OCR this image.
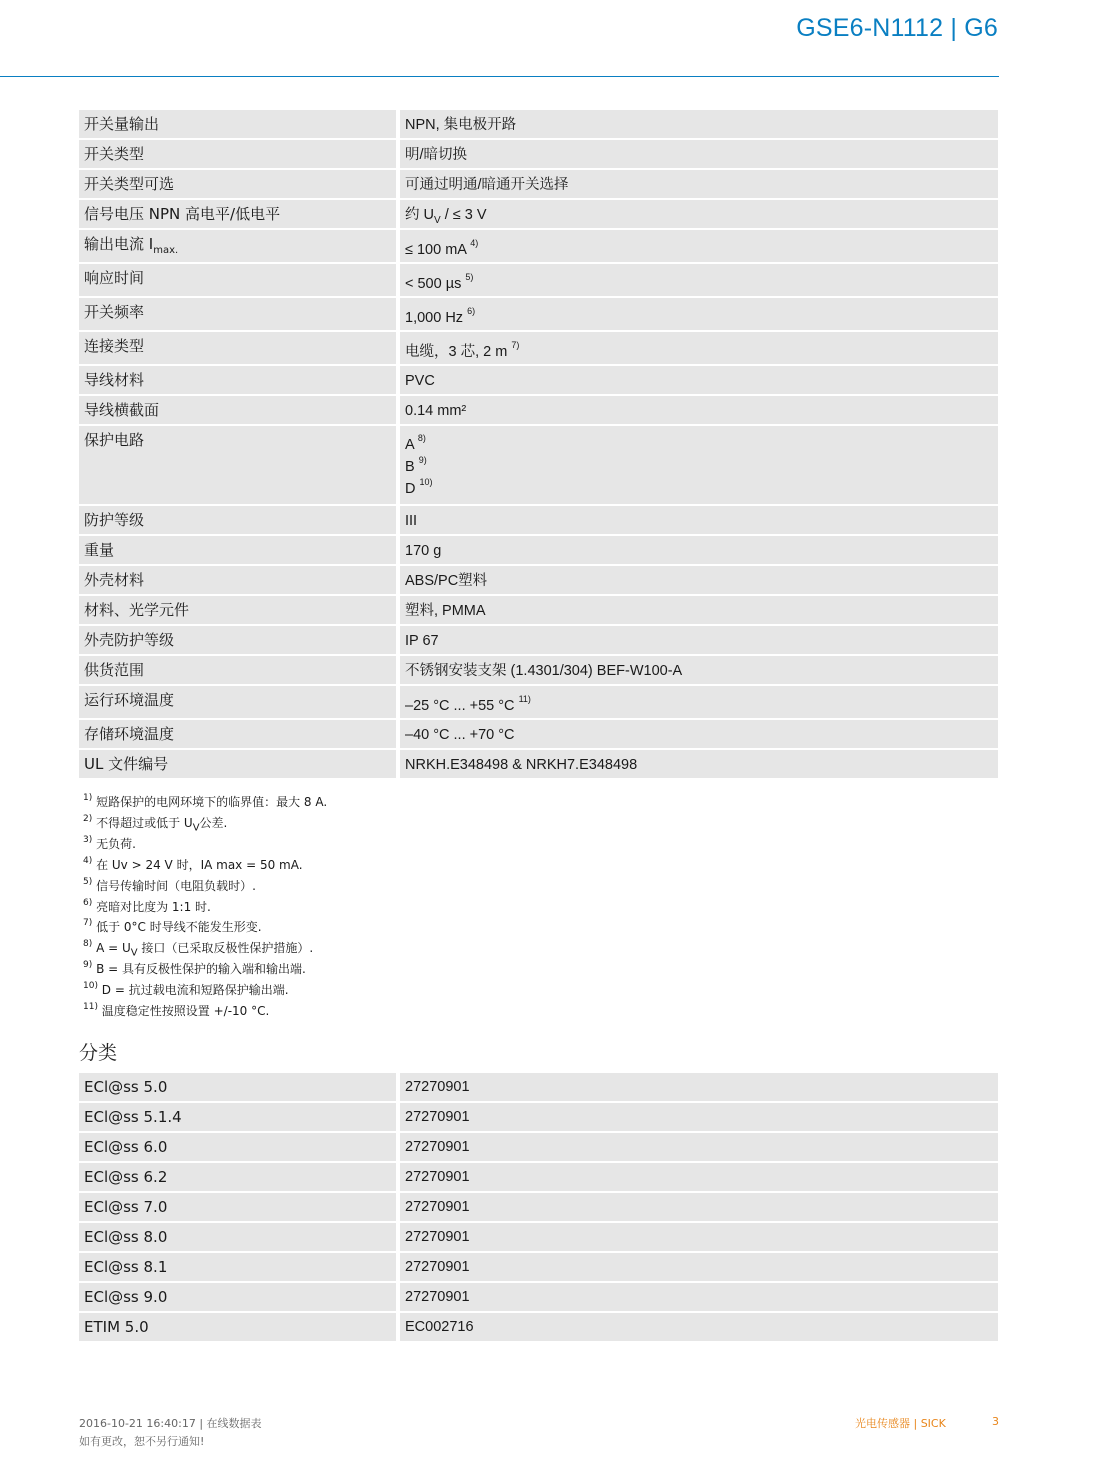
GSE6-N1112 | G6
开关量输出	NPN, 集电极开路
开关类型	明/暗切换
开关类型可选	可通过明通/暗通开关选择
信号电压 NPN 高电平/低电平	约 $U_V$ / ≤ 3 V
输出电流 $I_{max.}$	≤ 100 mA $^{4)}$
响应时间	< 500 µs $^{5)}$
开关频率	1,000 Hz $^{6)}$
连接类型	电缆，3 芯, 2 m $^{7)}$
导线材料	PVC
导线横截面	0.14 mm²
保护电路	A $^{8)}$
B $^{9)}$
D $^{10)}$

防护等级	III
重量	170 g
外壳材料	ABS/PC塑料
材料、光学元件	塑料, PMMA
外壳防护等级	IP 67
供货范围	不锈钢安装支架 (1.4301/304) BEF-W100-A
运行环境温度	–25 °C ... +55 °C $^{11)}$
存储环境温度	–40 °C ... +70 °C
UL 文件编号	NRKH.E348498 & NRKH7.E348498
$^{1)}$ 短路保护的电网环境下的临界值：最大 8 A.
$^{2)}$ 不得超过或低于 $U_V$公差.
$^{3)}$ 无负荷.
$^{4)}$ 在 Uv > 24 V 时，IA max = 50 mA.
$^{5)}$ 信号传输时间（电阻负载时）.
$^{6)}$ 亮暗对比度为 1:1 时.
$^{7)}$ 低于 0°C 时导线不能发生形变.
$^{8)}$ $A = U_V$ 接口（已采取反极性保护措施）.
$^{9)}$ B = 具有反极性保护的输入端和输出端.
$^{10)}$ D = 抗过载电流和短路保护输出端.
$^{11)}$ 温度稳定性按照设置 +/-10 °C.
分类
ECl@ss 5.0	27270901
ECl@ss 5.1.4	27270901
ECl@ss 6.0	27270901
ECl@ss 6.2	27270901
ECl@ss 7.0	27270901
ECl@ss 8.0	27270901
ECl@ss 8.1	27270901
ECl@ss 9.0	27270901
ETIM 5.0	EC002716
2016-10-21 16:40:17 | 在线数据表
如有更改，恕不另行通知!
光电传感器 | SICK	3
